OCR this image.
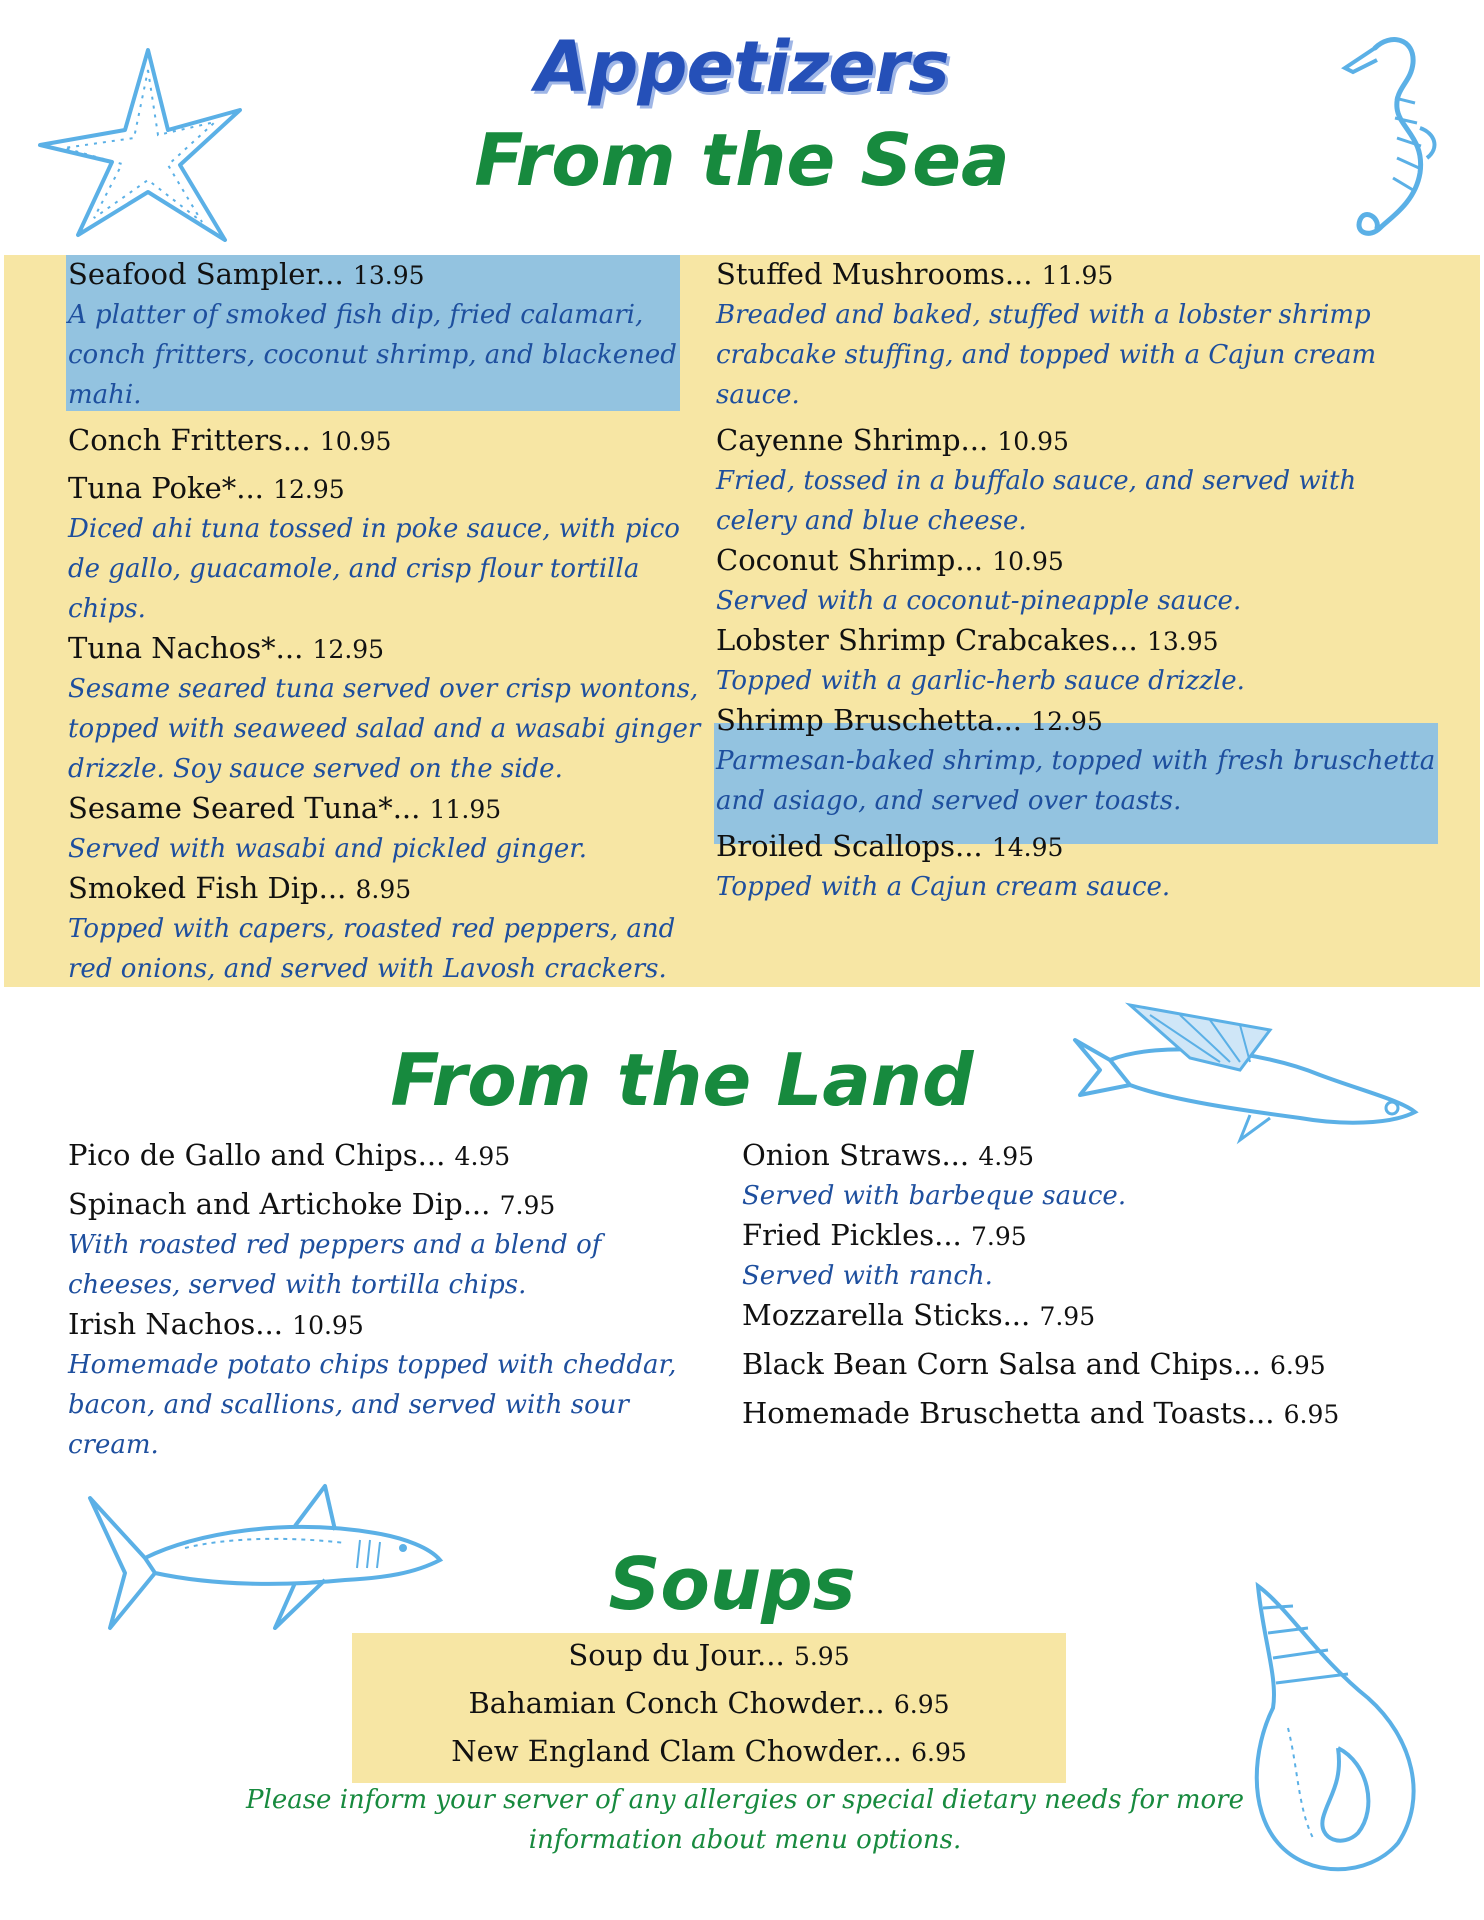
Appetizers
From the Sea
Seafood Sampler... 13.95
A platter of smoked fish dip, fried calamari, conch fritters, coconut shrimp, and blackened mahi.
Conch Fritters... 10.95
Tuna Poke*... 12.95
Diced ahi tuna tossed in poke sauce, with pico de gallo, guacamole, and crisp flour tortilla chips.
Tuna Nachos*... 12.95
Sesame seared tuna served over crisp wontons, topped with seaweed salad and a wasabi ginger drizzle. Soy sauce served on the side.
Sesame Seared Tuna*... 11.95
Served with wasabi and pickled ginger.
Smoked Fish Dip... 8.95
Topped with capers, roasted red peppers, and red onions, and served with Lavosh crackers.
Stuffed Mushrooms... 11.95
Breaded and baked, stuffed with a lobster shrimp crabcake stuffing, and topped with a Cajun cream sauce.
Cayenne Shrimp... 10.95
Fried, tossed in a buffalo sauce, and served with celery and blue cheese.
Coconut Shrimp... 10.95
Served with a coconut-pineapple sauce.
Lobster Shrimp Crabcakes... 13.95
Topped with a garlic-herb sauce drizzle.
Shrimp Bruschetta... 12.95
Parmesan-baked shrimp, topped with fresh bruschetta and asiago, and served over toasts.
Broiled Scallops... 14.95
Topped with a Cajun cream sauce.
From the Land
Pico de Gallo and Chips... 4.95
Spinach and Artichoke Dip... 7.95
With roasted red peppers and a blend of cheeses, served with tortilla chips.
Irish Nachos... 10.95
Homemade potato chips topped with cheddar, bacon, and scallions, and served with sour cream.
Onion Straws... 4.95
Served with barbeque sauce.
Fried Pickles... 7.95
Served with ranch.
Mozzarella Sticks... 7.95
Black Bean Corn Salsa and Chips... 6.95
Homemade Bruschetta and Toasts... 6.95
Soups
Soup du Jour... 5.95
Bahamian Conch Chowder... 6.95
New England Clam Chowder... 6.95
Please inform your server of any allergies or special dietary needs for more information about menu options.
